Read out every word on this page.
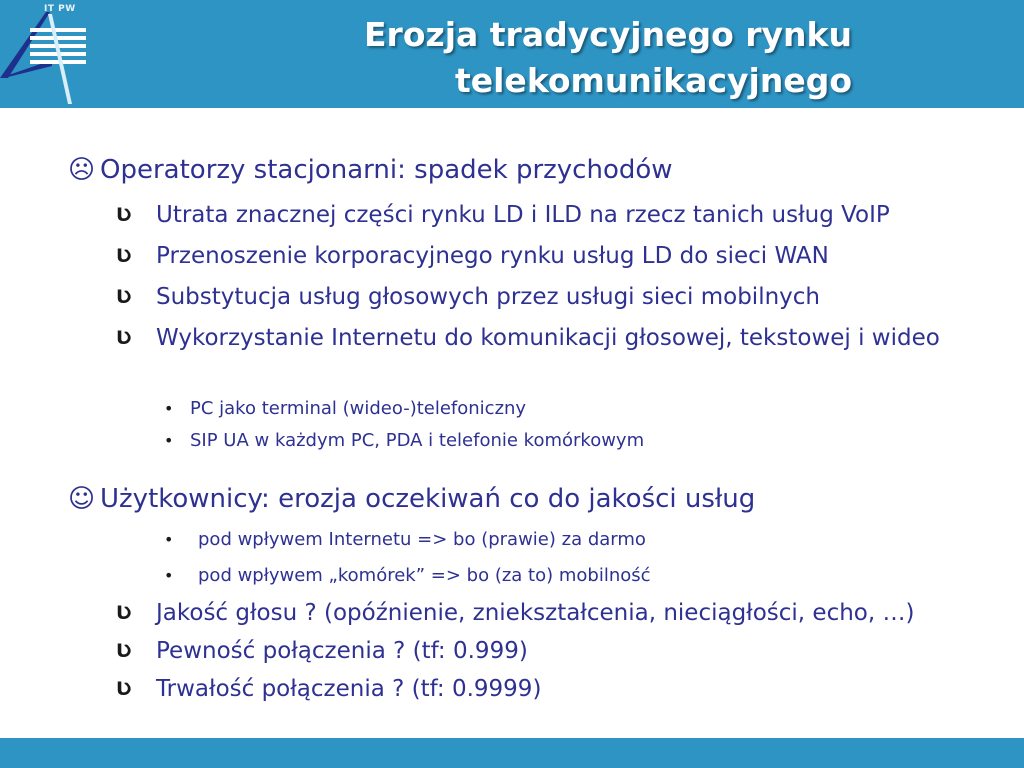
IT PW
Erozja tradycyjnego rynku
telekomunikacyjnego
☹ Operatorzy stacjonarni: spadek przychodów
Ʋ	Utrata znacznej części rynku LD i ILD na rzecz tanich usług VoIP
Ʋ	Przenoszenie korporacyjnego rynku usług LD do sieci WAN
Ʋ	Substytucja usług głosowych przez usługi sieci mobilnych
Ʋ	Wykorzystanie Internetu do komunikacji głosowej, tekstowej i wideo
• PC jako terminal (wideo-)telefoniczny
• SIP UA w każdym PC, PDA i telefonie komórkowym
☺ Użytkownicy: erozja oczekiwań co do jakości usług
•	pod wpływem Internetu => bo (prawie) za darmo
•	pod wpływem „komórek” => bo (za to) mobilność
Ʋ	Jakość głosu ? (opóźnienie, zniekształcenia, nieciągłości, echo, …)
Ʋ	Pewność połączenia ? (tf: 0.999)
Ʋ	Trwałość połączenia ? (tf: 0.9999)
